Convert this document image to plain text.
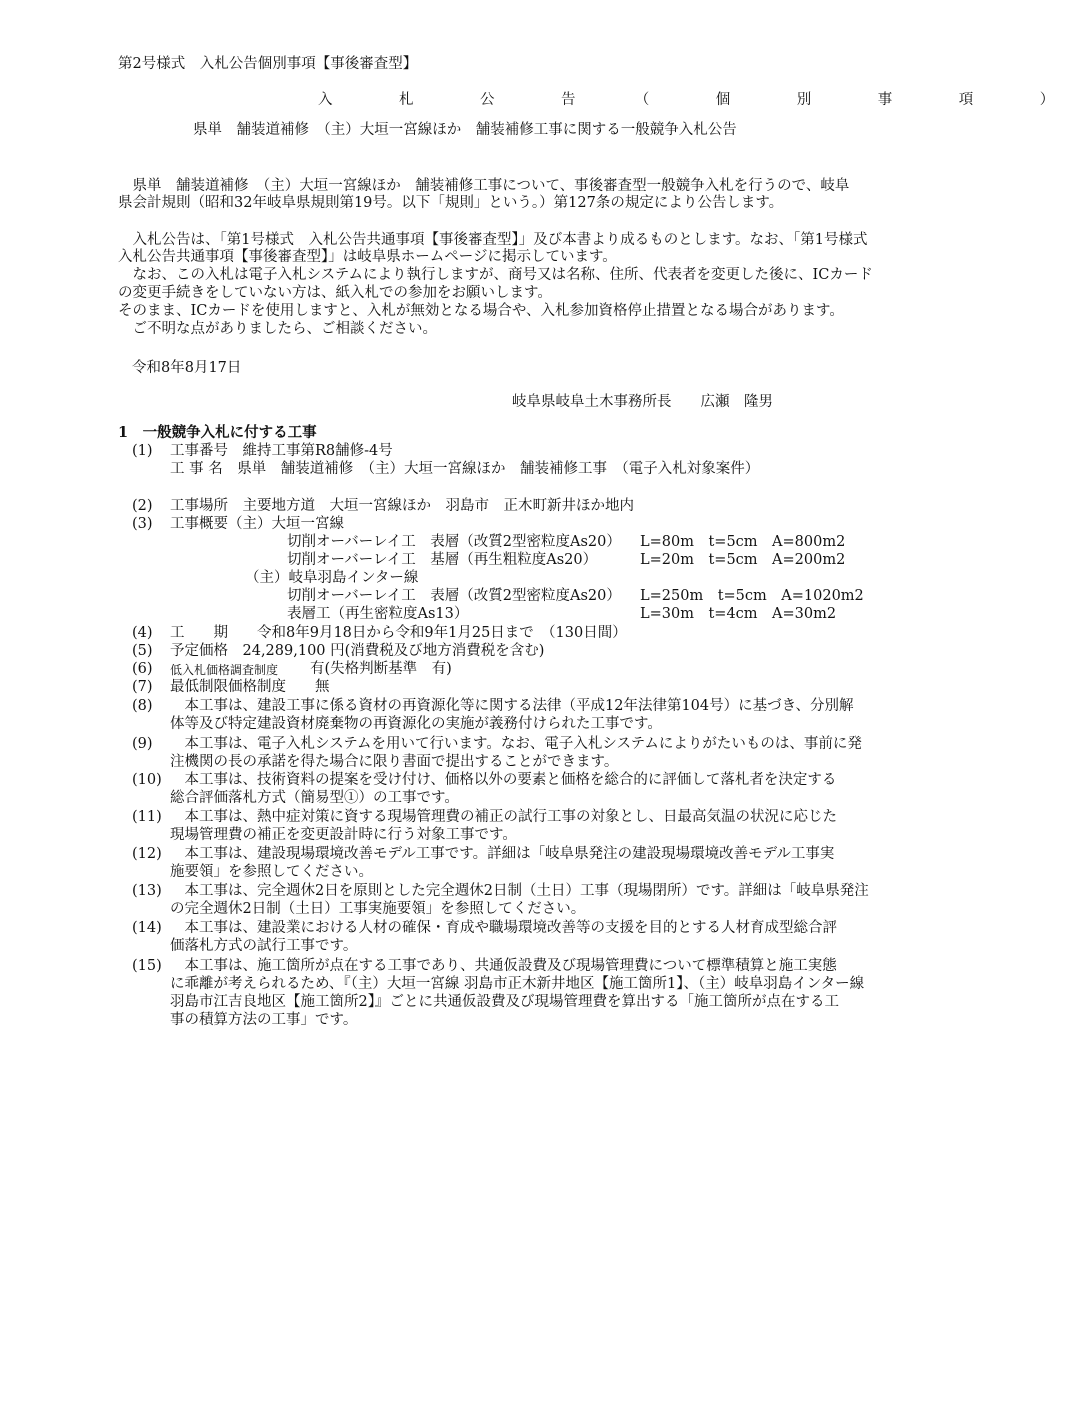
第2号様式　入札公告個別事項【事後審査型】
入　札　公　告　（　個　別　事　項　）
県単　舗装道補修　（主）大垣一宮線ほか　舗装補修工事に関する一般競争入札公告
　県単　舗装道補修　（主）大垣一宮線ほか　舗装補修工事について、事後審査型一般競争入札を行うので、岐阜
県会計規則（昭和32年岐阜県規則第19号。以下「規則」という。）第127条の規定により公告します。
　入札公告は、「第1号様式　入札公告共通事項【事後審査型】」及び本書より成るものとします。なお、「第1号様式
入札公告共通事項【事後審査型】」は岐阜県ホームページに掲示しています。
　なお、この入札は電子入札システムにより執行しますが、商号又は名称、住所、代表者を変更した後に、ICカード
の変更手続きをしていない方は、紙入札での参加をお願いします。
そのまま、ICカードを使用しますと、入札が無効となる場合や、入札参加資格停止措置となる場合があります。
　ご不明な点がありましたら、ご相談ください。
令和8年8月17日
岐阜県岐阜土木事務所長　　広瀬　隆男
1　一般競争入札に付する工事
(1) 工事番号　維持工事第R8舗修-4号
工 事 名　県単　舗装道補修　（主）大垣一宮線ほか　舗装補修工事　（電子入札対象案件）
(2) 工事場所　主要地方道　大垣一宮線ほか　羽島市　正木町新井ほか地内
(3) 工事概要（主）大垣一宮線
切削オーバーレイ工　表層（改質2型密粒度As20） L=80m　t=5cm　A=800m2
切削オーバーレイ工　基層（再生粗粒度As20）	L=20m　t=5cm　A=200m2
（主）岐阜羽島インター線
切削オーバーレイ工　表層（改質2型密粒度As20） L=250m　t=5cm　A=1020m2
表層工（再生密粒度As13）	L=30m　t=4cm　A=30m2
(4) 工　　期　　令和8年9月18日から令和9年1月25日まで　（130日間）
(5) 予定価格　24,289,100 円(消費税及び地方消費税を含む)
(6) 低入札価格調査制度 有(失格判断基準　有)
(7) 最低制限価格制度　　無
(8) 　本工事は、建設工事に係る資材の再資源化等に関する法律（平成12年法律第104号）に基づき、分別解
体等及び特定建設資材廃棄物の再資源化の実施が義務付けられた工事です。
(9) 　本工事は、電子入札システムを用いて行います。なお、電子入札システムによりがたいものは、事前に発
注機関の長の承諾を得た場合に限り書面で提出することができます。
(10) 　本工事は、技術資料の提案を受け付け、価格以外の要素と価格を総合的に評価して落札者を決定する
総合評価落札方式（簡易型①）の工事です。
(11) 　本工事は、熱中症対策に資する現場管理費の補正の試行工事の対象とし、日最高気温の状況に応じた
現場管理費の補正を変更設計時に行う対象工事です。
(12) 　本工事は、建設現場環境改善モデル工事です。詳細は「岐阜県発注の建設現場環境改善モデル工事実
施要領」を参照してください。
(13) 　本工事は、完全週休2日を原則とした完全週休2日制（土日）工事（現場閉所）です。詳細は「岐阜県発注
の完全週休2日制（土日）工事実施要領」を参照してください。
(14) 　本工事は、建設業における人材の確保・育成や職場環境改善等の支援を目的とする人材育成型総合評
価落札方式の試行工事です。
(15) 　本工事は、施工箇所が点在する工事であり、共通仮設費及び現場管理費について標準積算と施工実態
に乖離が考えられるため、『（主）大垣一宮線 羽島市正木新井地区【施工箇所1】、（主）岐阜羽島インター線
羽島市江吉良地区【施工箇所2】』ごとに共通仮設費及び現場管理費を算出する「施工箇所が点在する工
事の積算方法の工事」です。
